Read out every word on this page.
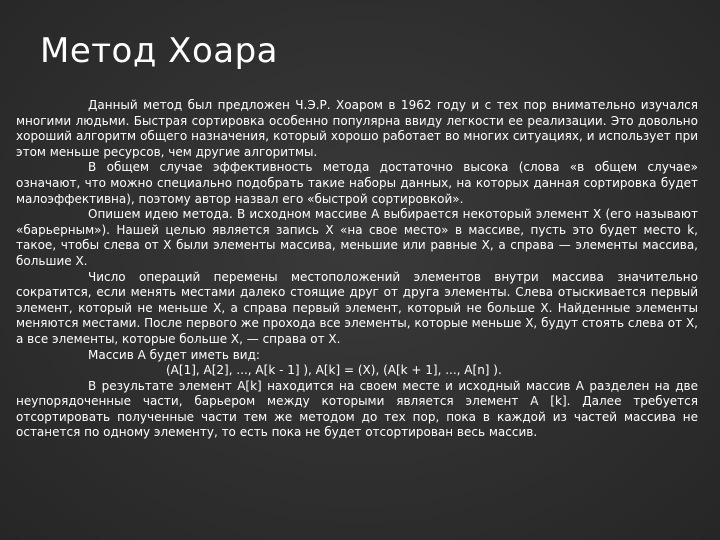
Метод Хоара

Данный метод был предложен Ч.Э.Р. Хоаром в 1962 году и с тех пор внимательно изучался многими людьми. Быстрая сортировка особенно популярна ввиду легкости ее реализации. Это довольно хороший алгоритм общего назначения, который хорошо работает во многих ситуациях, и использует при этом меньше ресурсов, чем другие алгоритмы.

В общем случае эффективность метода достаточно высока (слова «в общем случае» означают, что можно специально подобрать такие наборы данных, на которых данная сортировка будет малоэффективна), поэтому автор назвал его «быстрой сортировкой».

Опишем идею метода. В исходном массиве A выбирается некоторый элемент X (его называют «барьерным»). Нашей целью является запись X «на свое место» в массиве, пусть это будет место k, такое, чтобы слева от X были элементы массива, меньшие или равные X, а справа — элементы массива, большие X.

Число операций перемены местоположений элементов внутри массива значительно сократится, если менять местами далеко стоящие друг от друга элементы. Слева отыскивается первый элемент, который не меньше X, а справа первый элемент, который не больше X. Найденные элементы меняются местами. После первого же прохода все элементы, которые меньше X, будут стоять слева от X, а все элементы, которые больше X, — справа от X.

Массив A будет иметь вид:

(A[1], A[2], ..., A[k - 1] ), A[k] = (X), (A[k + 1], ..., A[n] ).

В результате элемент A[k] находится на своем месте и исходный массив A разделен на две неупорядоченные части, барьером между которыми является элемент A [k]. Далее требуется отсортировать полученные части тем же методом до тех пор, пока в каждой из частей массива не останется по одному элементу, то есть пока не будет отсортирован весь массив.
